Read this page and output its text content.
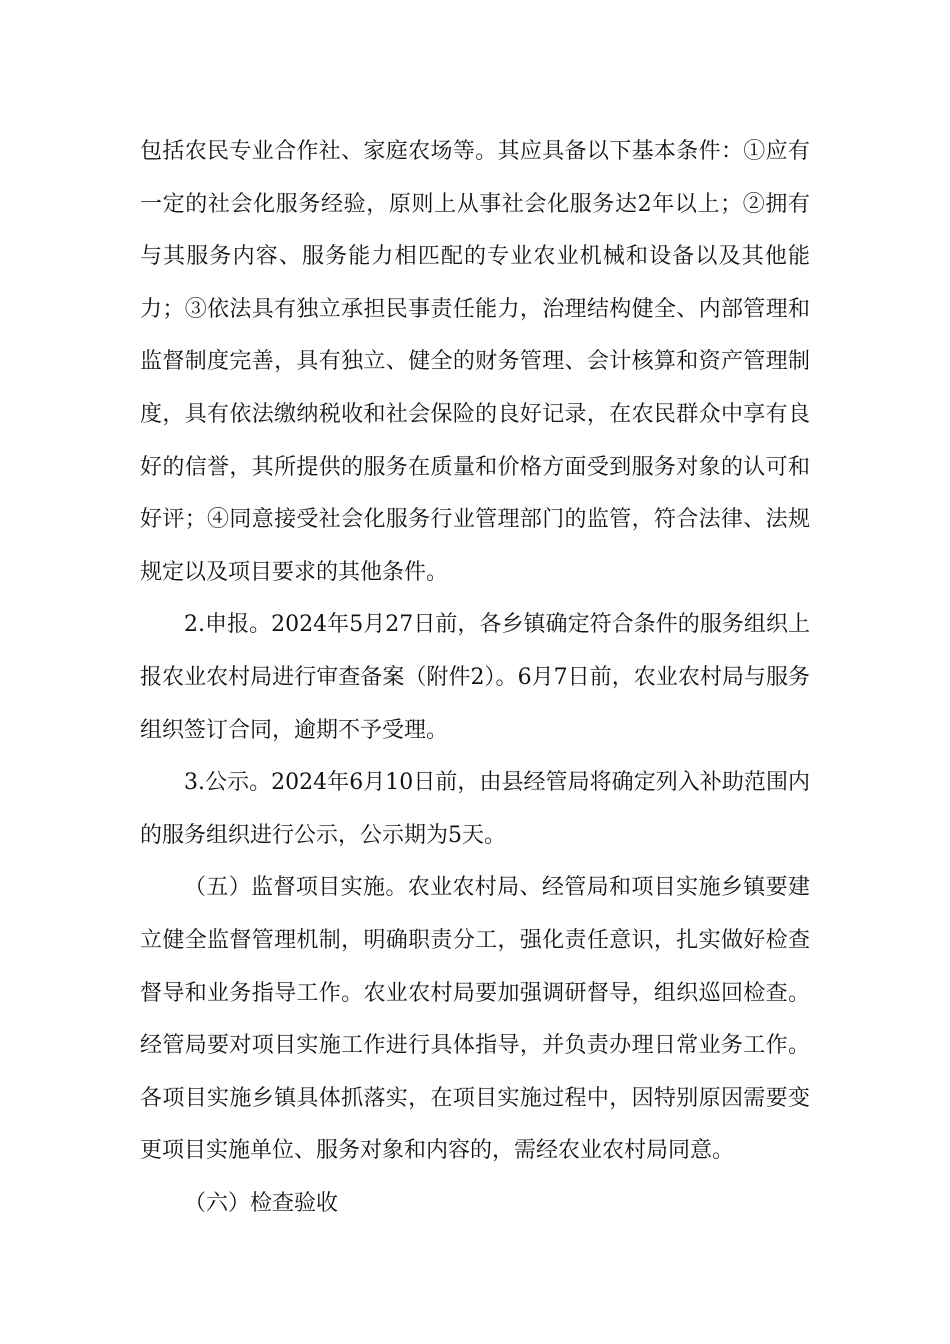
包括农民专业合作社、家庭农场等。其应具备以下基本条件：①应有一定的社会化服务经验，原则上从事社会化服务达2年以上；②拥有与其服务内容、服务能力相匹配的专业农业机械和设备以及其他能力；③依法具有独立承担民事责任能力，治理结构健全、内部管理和监督制度完善，具有独立、健全的财务管理、会计核算和资产管理制度，具有依法缴纳税收和社会保险的良好记录，在农民群众中享有良好的信誉，其所提供的服务在质量和价格方面受到服务对象的认可和好评；④同意接受社会化服务行业管理部门的监管，符合法律、法规规定以及项目要求的其他条件。

2.申报。2024年5月27日前，各乡镇确定符合条件的服务组织上报农业农村局进行审查备案（附件2）。6月7日前，农业农村局与服务组织签订合同，逾期不予受理。

3.公示。2024年6月10日前，由县经管局将确定列入补助范围内的服务组织进行公示，公示期为5天。

（五）监督项目实施。农业农村局、经管局和项目实施乡镇要建立健全监督管理机制，明确职责分工，强化责任意识，扎实做好检查督导和业务指导工作。农业农村局要加强调研督导，组织巡回检查。经管局要对项目实施工作进行具体指导，并负责办理日常业务工作。各项目实施乡镇具体抓落实，在项目实施过程中，因特别原因需要变更项目实施单位、服务对象和内容的，需经农业农村局同意。

（六）检查验收
